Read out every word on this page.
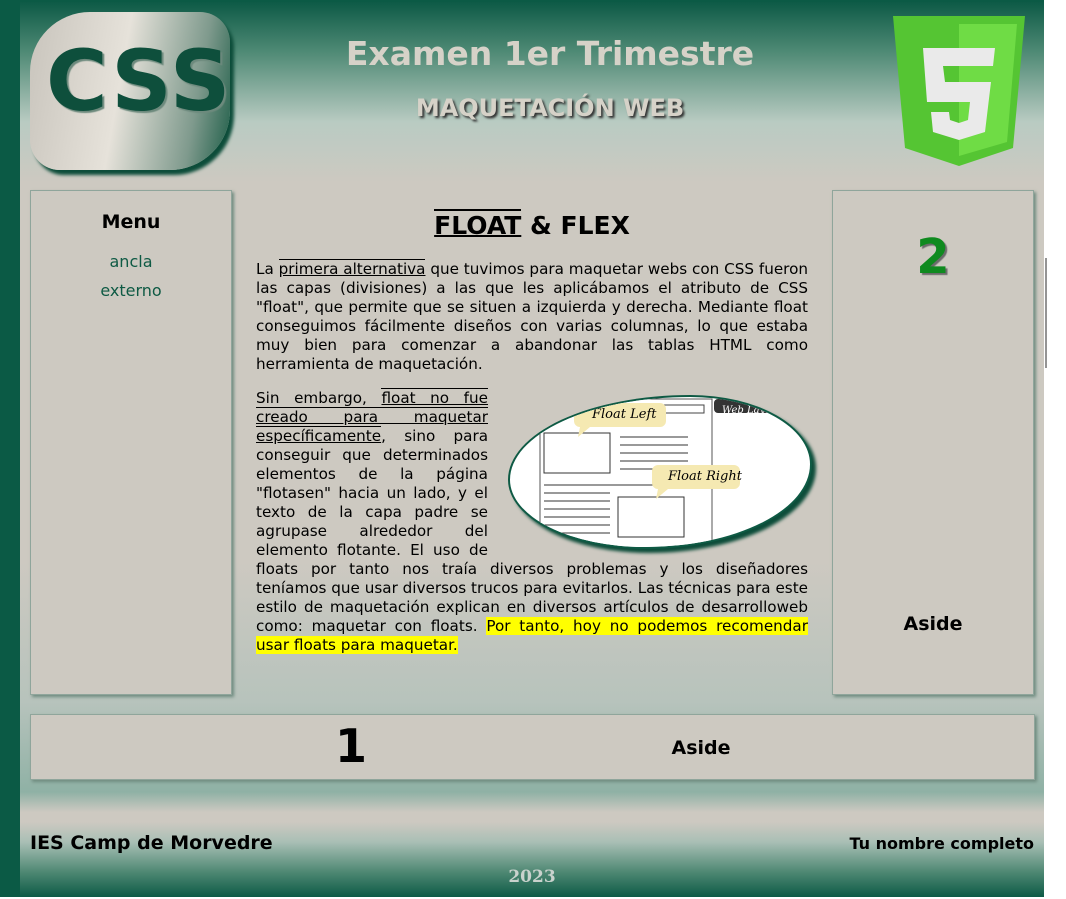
CSS	Examen 1er Trimestre
MAQUETACIÓN WEB
Menu
ancla
externo
FLOAT & FLEX

La primera alternativa que tuvimos para maquetar webs con CSS fueron las capas (divisiones) a las que les aplicábamos el atributo de CSS "float", que permite que se situen a izquierda y derecha. Mediante float conseguimos fácilmente diseños con varias columnas, lo que estaba muy bien para comenzar a abandonar las tablas HTML como herramienta de maquetación.

Web Layout
Float Left
Float Right
Sin embargo, float no fue creado para maquetar específicamente, sino para conseguir que determinados elementos de la página "flotasen" hacia un lado, y el texto de la capa padre se agrupase alrededor del elemento flotante. El uso de floats por tanto nos traía diversos problemas y los diseñadores teníamos que usar diversos trucos para evitarlos. Las técnicas para este estilo de maquetación explican en diversos artículos de desarrolloweb como: maquetar con floats. Por tanto, hoy no podemos recomendar usar floats para maquetar.

2
Aside
1	Aside
IES Camp de Morvedre	Tu nombre completo
2023
